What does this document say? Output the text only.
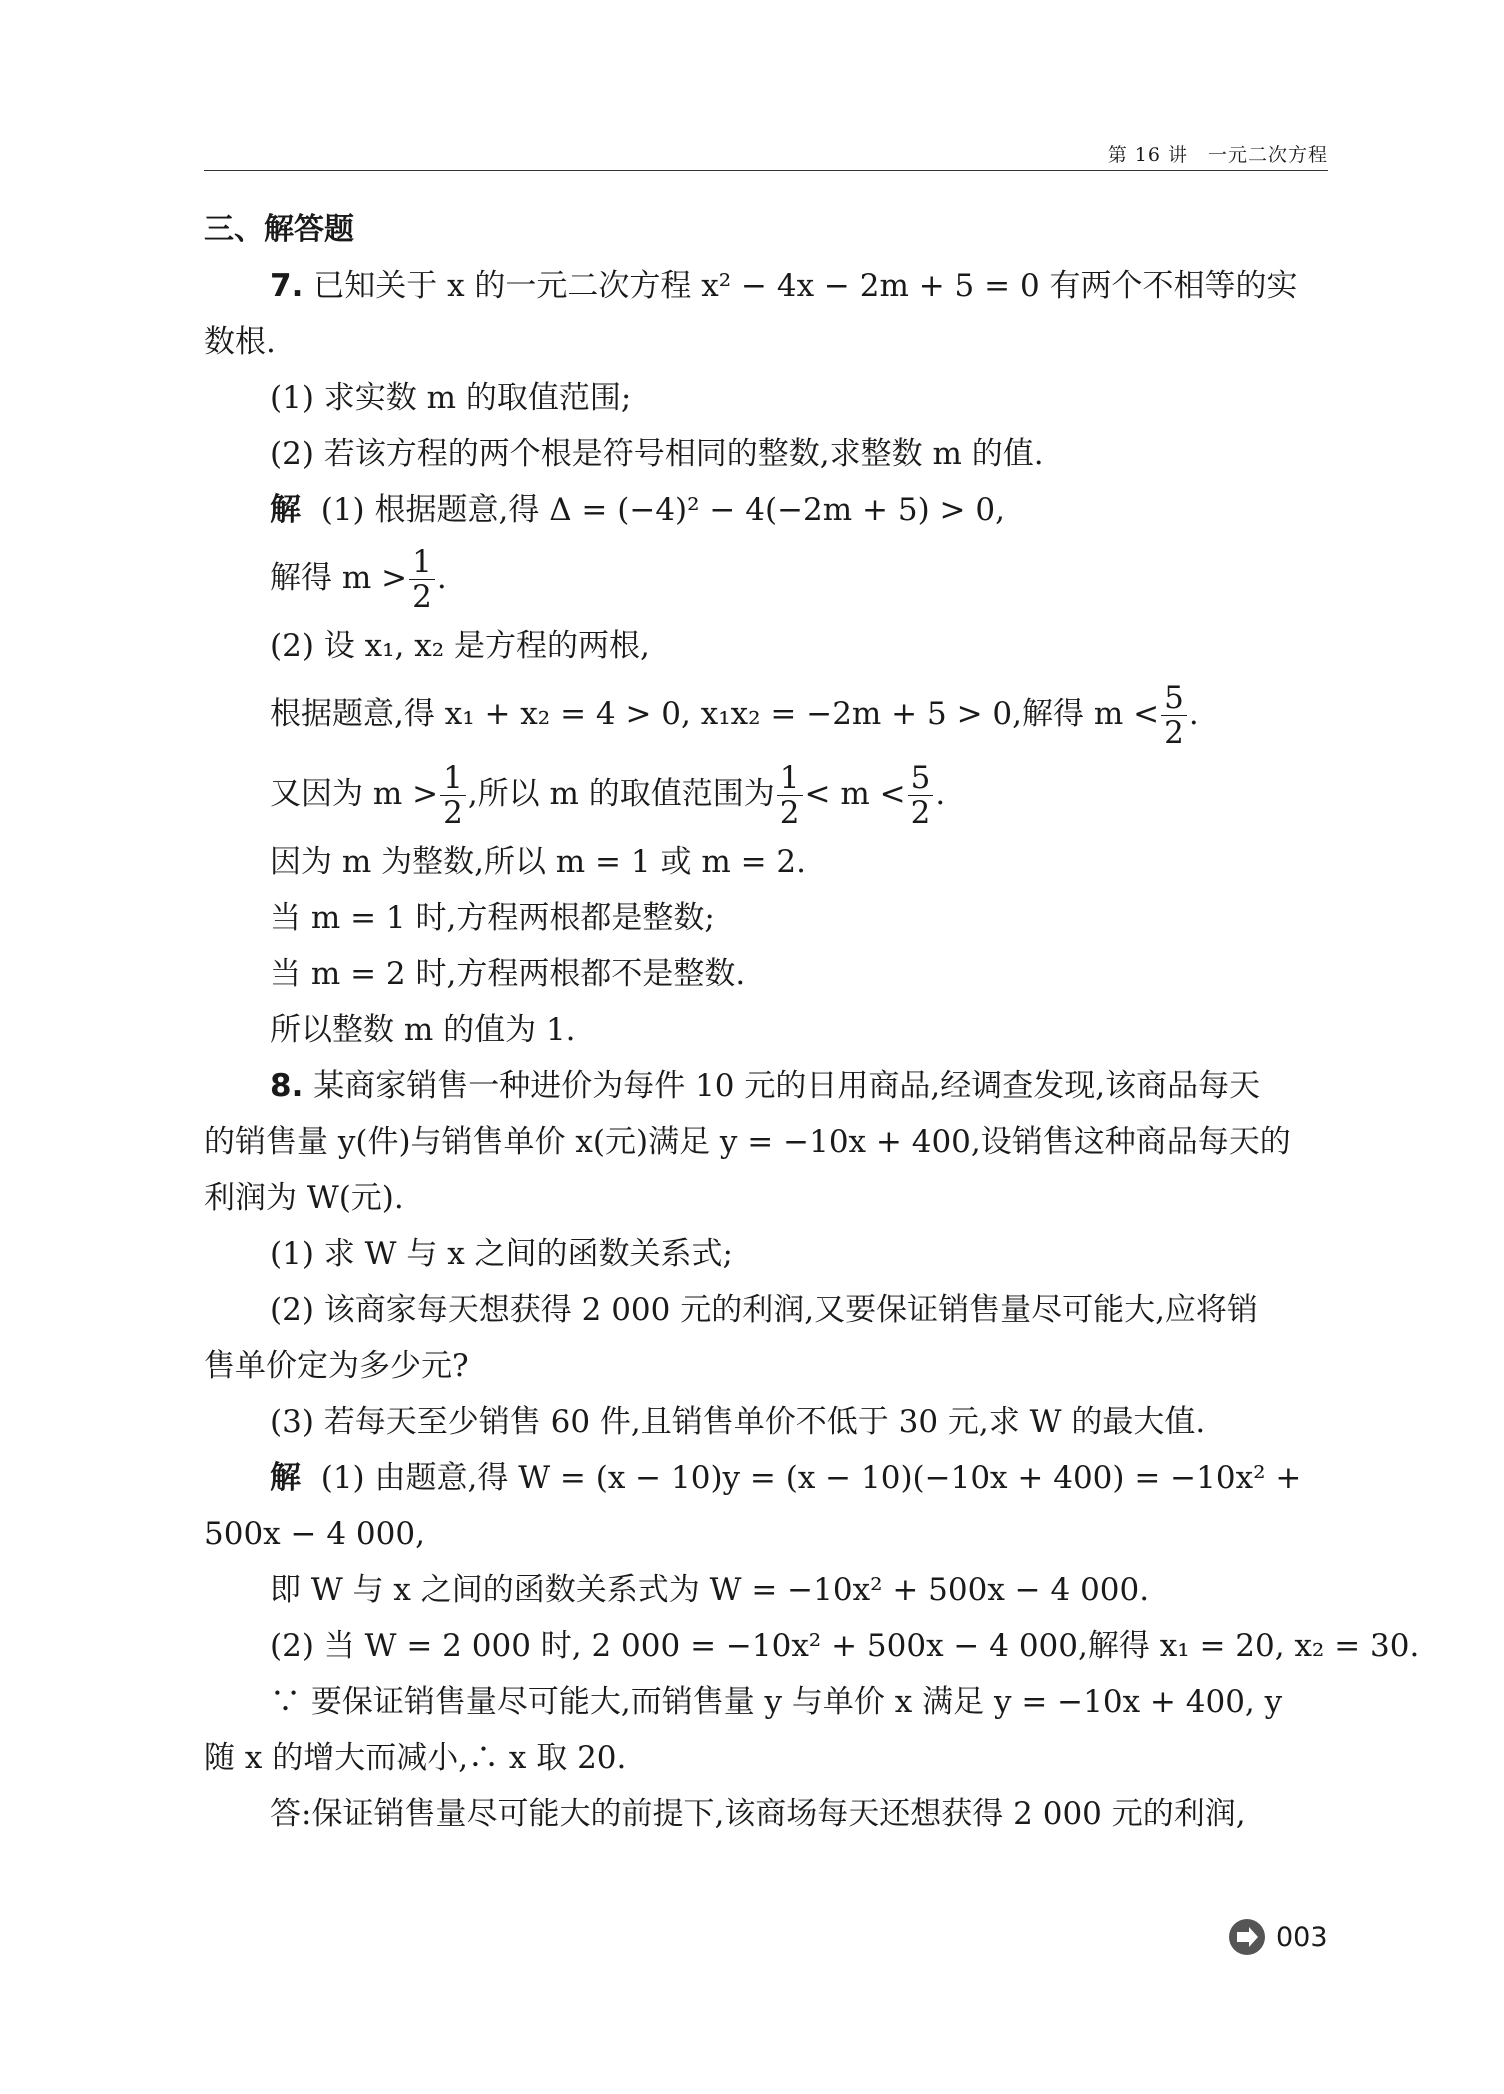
第 16 讲　一元二次方程
三、解答题
7. 已知关于 x 的一元二次方程 x² − 4x − 2m + 5 = 0 有两个不相等的实
数根.
(1) 求实数 m 的取值范围;
(2) 若该方程的两个根是符号相同的整数,求整数 m 的值.
解 (1) 根据题意,得 Δ = (−4)² − 4(−2m + 5) > 0,
解得 $m > \frac{1}{2}$ .
(2) 设 x₁, x₂ 是方程的两根,
根据题意,得 x₁ + x₂ = 4 > 0, x₁x₂ = −2m + 5 > 0,解得 $m < \frac{5}{2}$ .
又因为 $m > \frac{1}{2}$ ,所以 m 的取值范围为 $\frac{1}{2} < m < \frac{5}{2}$ .
因为 m 为整数,所以 m = 1 或 m = 2.
当 m = 1 时,方程两根都是整数;
当 m = 2 时,方程两根都不是整数.
所以整数 m 的值为 1.
8. 某商家销售一种进价为每件 10 元的日用商品,经调查发现,该商品每天
的销售量 y(件)与销售单价 x(元)满足 y = −10x + 400,设销售这种商品每天的
利润为 W(元).
(1) 求 W 与 x 之间的函数关系式;
(2) 该商家每天想获得 2 000 元的利润,又要保证销售量尽可能大,应将销
售单价定为多少元?
(3) 若每天至少销售 60 件,且销售单价不低于 30 元,求 W 的最大值.
解 (1) 由题意,得 W = (x − 10)y = (x − 10)(−10x + 400) = −10x² +
500x − 4 000,
即 W 与 x 之间的函数关系式为 W = −10x² + 500x − 4 000.
(2) 当 W = 2 000 时, 2 000 = −10x² + 500x − 4 000,解得 x₁ = 20, x₂ = 30.
∵ 要保证销售量尽可能大,而销售量 y 与单价 x 满足 y = −10x + 400, y
随 x 的增大而减小,∴ x 取 20.
答:保证销售量尽可能大的前提下,该商场每天还想获得 2 000 元的利润,
003
